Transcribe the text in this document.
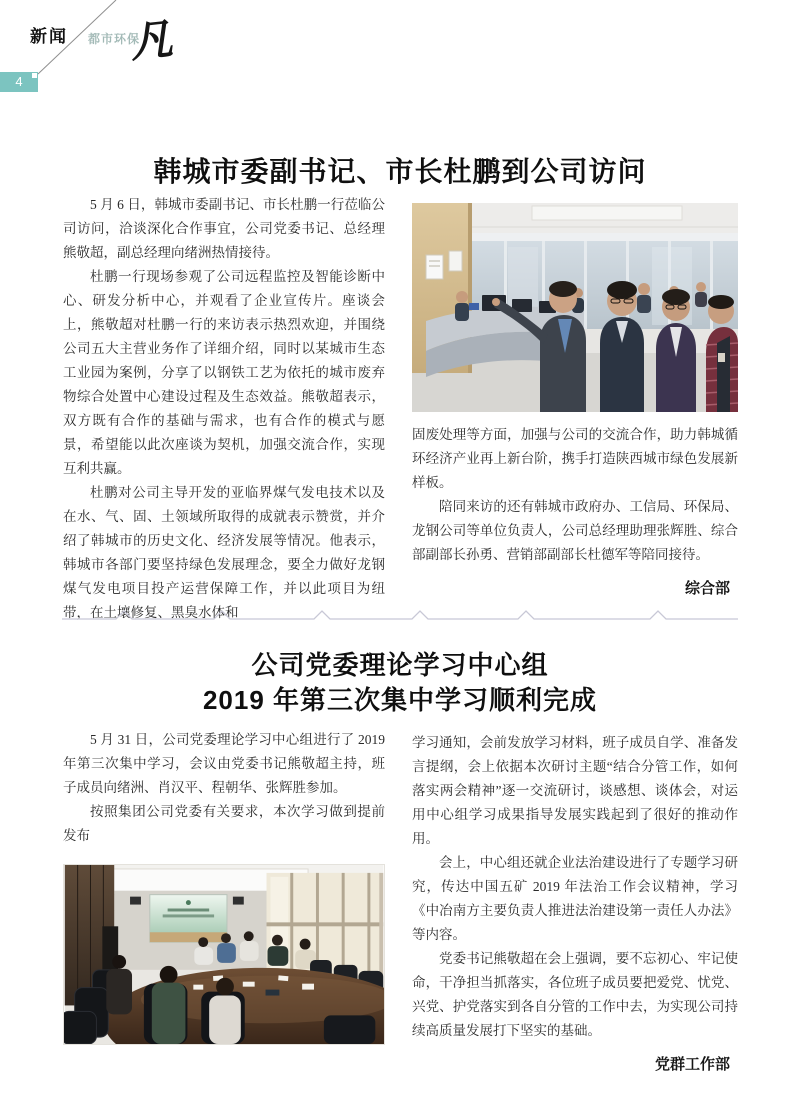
新闻 都市环保
凡
4
韩城市委副书记、市长杜鹏到公司访问

5 月 6 日，韩城市委副书记、市长杜鹏一行莅临公司访问，洽谈深化合作事宜，公司党委书记、总经理熊敬超，副总经理向绪洲热情接待。

杜鹏一行现场参观了公司远程监控及智能诊断中心、研发分析中心，并观看了企业宣传片。座谈会上，熊敬超对杜鹏一行的来访表示热烈欢迎，并围绕公司五大主营业务作了详细介绍，同时以某城市生态工业园为案例，分享了以钢铁工艺为依托的城市废弃物综合处置中心建设过程及生态效益。熊敬超表示，双方既有合作的基础与需求，也有合作的模式与愿景，希望能以此次座谈为契机，加强交流合作，实现互利共赢。

杜鹏对公司主导开发的亚临界煤气发电技术以及在水、气、固、土领域所取得的成就表示赞赏，并介绍了韩城市的历史文化、经济发展等情况。他表示，韩城市各部门要坚持绿色发展理念，要全力做好龙钢煤气发电项目投产运营保障工作，并以此项目为纽带，在土壤修复、黑臭水体和

固废处理等方面，加强与公司的交流合作，助力韩城循环经济产业再上新台阶，携手打造陕西城市绿色发展新样板。

陪同来访的还有韩城市政府办、工信局、环保局、龙钢公司等单位负责人，公司总经理助理张辉胜、综合部副部长孙勇、营销部副部长杜德军等陪同接待。

综合部
公司党委理论学习中心组
2019 年第三次集中学习顺利完成

5 月 31 日，公司党委理论学习中心组进行了 2019 年第三次集中学习，会议由党委书记熊敬超主持，班子成员向绪洲、肖汉平、程朝华、张辉胜参加。

按照集团公司党委有关要求，本次学习做到提前发布

学习通知，会前发放学习材料，班子成员自学、准备发言提纲，会上依据本次研讨主题“结合分管工作，如何落实两会精神”逐一交流研讨，谈感想、谈体会，对运用中心组学习成果指导发展实践起到了很好的推动作用。

会上，中心组还就企业法治建设进行了专题学习研究，传达中国五矿 2019 年法治工作会议精神，学习《中冶南方主要负责人推进法治建设第一责任人办法》等内容。

党委书记熊敬超在会上强调，要不忘初心、牢记使命，干净担当抓落实，各位班子成员要把爱党、忧党、兴党、护党落实到各自分管的工作中去，为实现公司持续高质量发展打下坚实的基础。

党群工作部
